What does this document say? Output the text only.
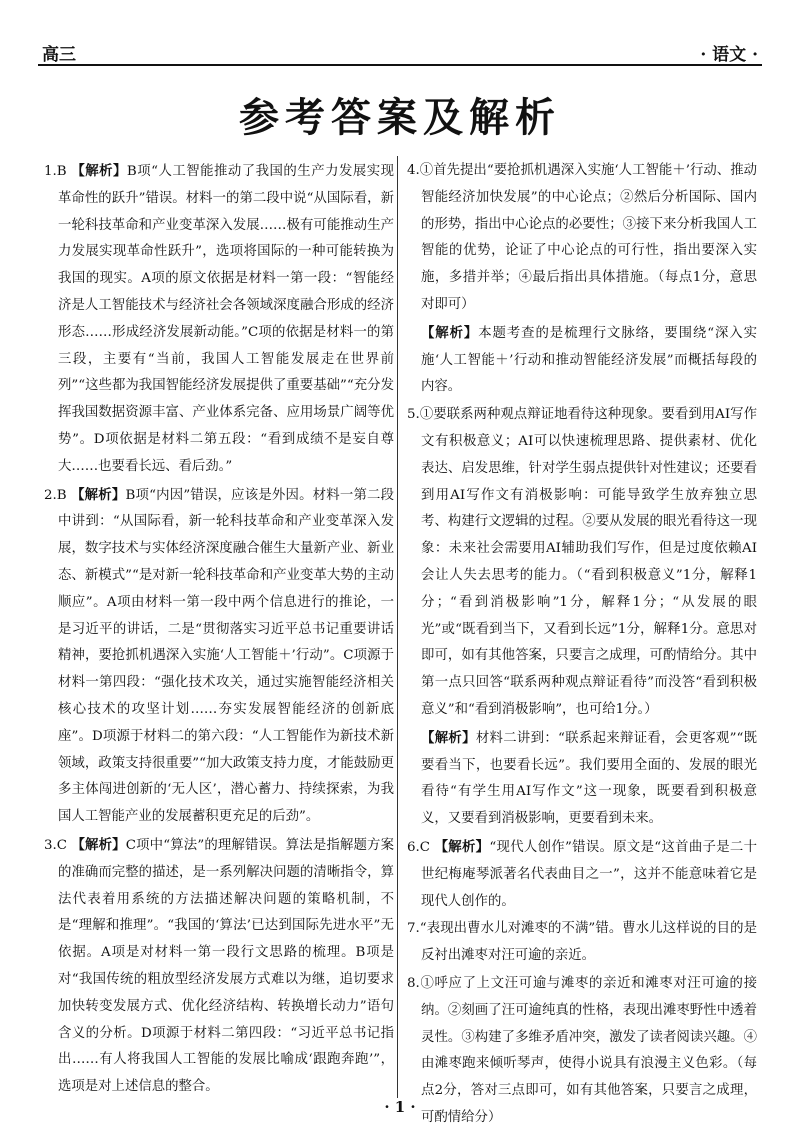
高三	· 语文 ·
参考答案及解析

1.B 【解析】B项“人工智能推动了我国的生产力发展实现革命性的跃升”错误。材料一的第二段中说“从国际看，新一轮科技革命和产业变革深入发展……极有可能推动生产力发展实现革命性跃升”，选项将国际的一种可能转换为我国的现实。A项的原文依据是材料一第一段：“智能经济是人工智能技术与经济社会各领域深度融合形成的经济形态……形成经济发展新动能。”C项的依据是材料一的第三段，主要有“当前，我国人工智能发展走在世界前列”“这些都为我国智能经济发展提供了重要基础”“充分发挥我国数据资源丰富、产业体系完备、应用场景广阔等优势”。D项依据是材料二第五段：“看到成绩不是妄自尊大……也要看长远、看后劲。”

2.B 【解析】B项“内因”错误，应该是外因。材料一第二段中讲到：“从国际看，新一轮科技革命和产业变革深入发展，数字技术与实体经济深度融合催生大量新产业、新业态、新模式”“是对新一轮科技革命和产业变革大势的主动顺应”。A项由材料一第一段中两个信息进行的推论，一是习近平的讲话，二是“贯彻落实习近平总书记重要讲话精神，要抢抓机遇深入实施‘人工智能＋’行动”。C项源于材料一第四段：“强化技术攻关，通过实施智能经济相关核心技术的攻坚计划……夯实发展智能经济的创新底座”。D项源于材料二的第六段：“人工智能作为新技术新领域，政策支持很重要”“加大政策支持力度，才能鼓励更多主体闯进创新的‘无人区’，潜心蓄力、持续探索，为我国人工智能产业的发展蓄积更充足的后劲”。

3.C 【解析】C项中“算法”的理解错误。算法是指解题方案的准确而完整的描述，是一系列解决问题的清晰指令，算法代表着用系统的方法描述解决问题的策略机制，不是“理解和推理”。“我国的‘算法’已达到国际先进水平”无依据。A项是对材料一第一段行文思路的梳理。B项是对“我国传统的粗放型经济发展方式难以为继，追切要求加快转变发展方式、优化经济结构、转换增长动力”语句含义的分析。D项源于材料二第四段：“习近平总书记指出……有人将我国人工智能的发展比喻成‘跟跑奔跑’”，选项是对上述信息的整合。

4.①首先提出“要抢抓机遇深入实施‘人工智能＋’行动、推动智能经济加快发展”的中心论点；②然后分析国际、国内的形势，指出中心论点的必要性；③接下来分析我国人工智能的优势，论证了中心论点的可行性，指出要深入实施，多措并举；④最后指出具体措施。（每点1分，意思对即可）

【解析】本题考查的是梳理行文脉络，要围绕“深入实施‘人工智能＋’行动和推动智能经济发展”而概括每段的内容。

5.①要联系两种观点辩证地看待这种现象。要看到用AI写作文有积极意义；AI可以快速梳理思路、提供素材、优化表达、启发思维，针对学生弱点提供针对性建议；还要看到用AI写作文有消极影响：可能导致学生放弃独立思考、构建行文逻辑的过程。②要从发展的眼光看待这一现象：未来社会需要用AI辅助我们写作，但是过度依赖AI会让人失去思考的能力。（“看到积极意义”1分，解释1分；“看到消极影响”1分，解释1分；“从发展的眼光”或“既看到当下，又看到长远”1分，解释1分。意思对即可，如有其他答案，只要言之成理，可酌情给分。其中第一点只回答“联系两种观点辩证看待”而没答“看到积极意义”和“看到消极影响”，也可给1分。）

【解析】材料二讲到：“联系起来辩证看，会更客观”“既要看当下，也要看长远”。我们要用全面的、发展的眼光看待“有学生用AI写作文”这一现象，既要看到积极意义，又要看到消极影响，更要看到未来。

6.C 【解析】“现代人创作”错误。原文是“这首曲子是二十世纪梅庵琴派著名代表曲目之一”，这并不能意味着它是现代人创作的。

7.“表现出曹水儿对滩枣的不满”错。曹水儿这样说的目的是反衬出滩枣对汪可逾的亲近。

8.①呼应了上文汪可逾与滩枣的亲近和滩枣对汪可逾的接纳。②刻画了汪可逾纯真的性格，表现出滩枣野性中透着灵性。③构建了多维矛盾冲突，激发了读者阅读兴趣。④由滩枣跑来倾听琴声，使得小说具有浪漫主义色彩。（每点2分，答对三点即可，如有其他答案，只要言之成理，可酌情给分）

· 1 ·
